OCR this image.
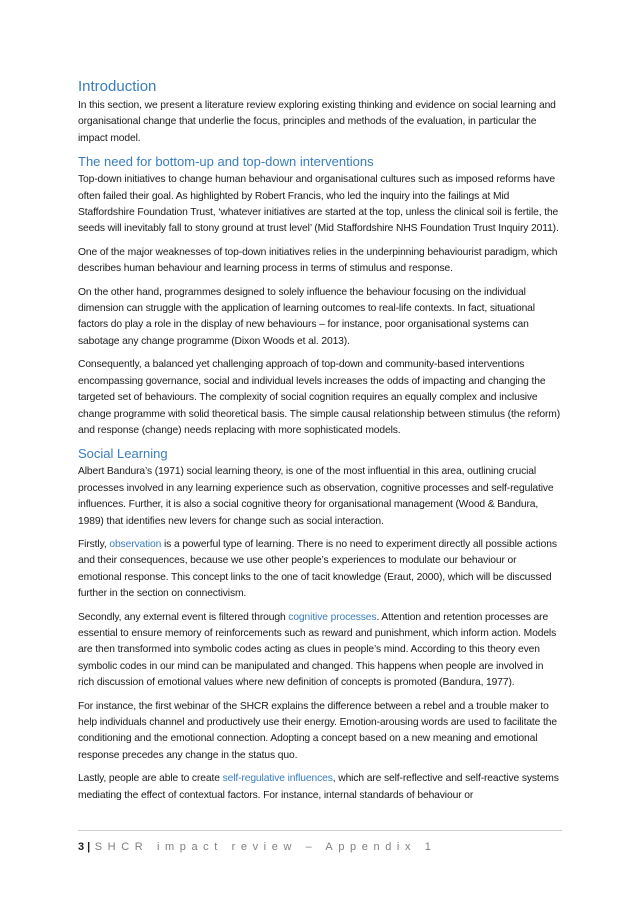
Introduction

In this section, we present a literature review exploring existing thinking and evidence on social learning and organisational change that underlie the focus, principles and methods of the evaluation, in particular the impact model.

The need for bottom-up and top-down interventions

Top-down initiatives to change human behaviour and organisational cultures such as imposed reforms have often failed their goal. As highlighted by Robert Francis, who led the inquiry into the failings at Mid Staffordshire Foundation Trust, ‘whatever initiatives are started at the top, unless the clinical soil is fertile, the seeds will inevitably fall to stony ground at trust level’ (Mid Staffordshire NHS Foundation Trust Inquiry 2011).

One of the major weaknesses of top-down initiatives relies in the underpinning behaviourist paradigm, which describes human behaviour and learning process in terms of stimulus and response.

On the other hand, programmes designed to solely influence the behaviour focusing on the individual dimension can struggle with the application of learning outcomes to real-life contexts. In fact, situational factors do play a role in the display of new behaviours – for instance, poor organisational systems can sabotage any change programme (Dixon Woods et al. 2013).

Consequently, a balanced yet challenging approach of top-down and community-based interventions encompassing governance, social and individual levels increases the odds of impacting and changing the targeted set of behaviours. The complexity of social cognition requires an equally complex and inclusive change programme with solid theoretical basis. The simple causal relationship between stimulus (the reform) and response (change) needs replacing with more sophisticated models.

Social Learning

Albert Bandura’s (1971) social learning theory, is one of the most influential in this area, outlining crucial processes involved in any learning experience such as observation, cognitive processes and self-regulative influences. Further, it is also a social cognitive theory for organisational management (Wood & Bandura, 1989) that identifies new levers for change such as social interaction.

Firstly, observation is a powerful type of learning. There is no need to experiment directly all possible actions and their consequences, because we use other people’s experiences to modulate our behaviour or emotional response. This concept links to the one of tacit knowledge (Eraut, 2000), which will be discussed further in the section on connectivism.

Secondly, any external event is filtered through cognitive processes. Attention and retention processes are essential to ensure memory of reinforcements such as reward and punishment, which inform action. Models are then transformed into symbolic codes acting as clues in people’s mind. According to this theory even symbolic codes in our mind can be manipulated and changed. This happens when people are involved in rich discussion of emotional values where new definition of concepts is promoted (Bandura, 1977).

For instance, the first webinar of the SHCR explains the difference between a rebel and a trouble maker to help individuals channel and productively use their energy. Emotion-arousing words are used to facilitate the conditioning and the emotional connection. Adopting a concept based on a new meaning and emotional response precedes any change in the status quo.

Lastly, people are able to create self-regulative influences, which are self-reflective and self-reactive systems mediating the effect of contextual factors. For instance, internal standards of behaviour or

3 | SHCR impact review – Appendix 1
